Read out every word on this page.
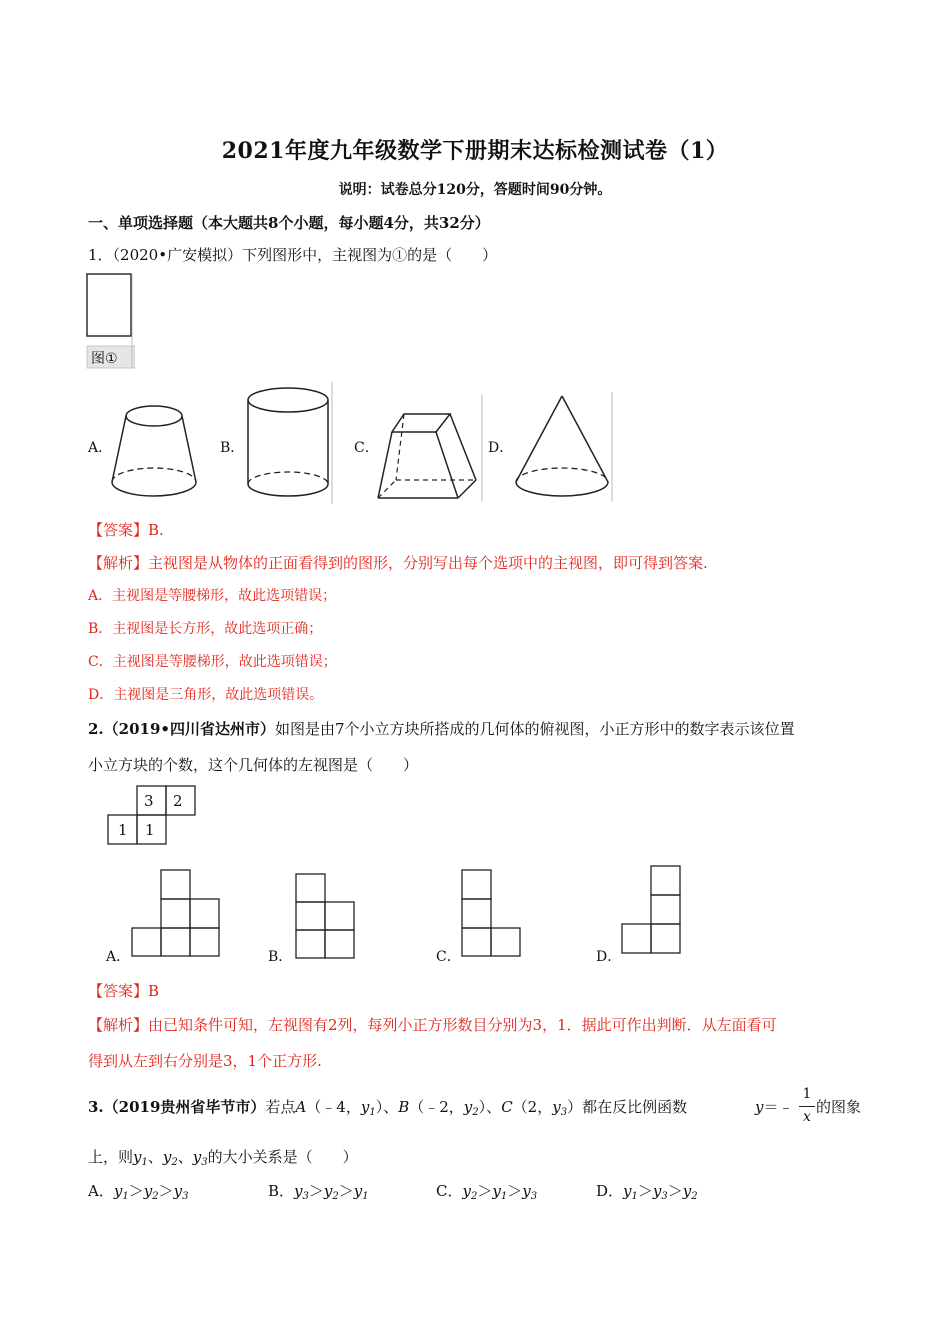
2021年度九年级数学下册期末达标检测试卷（1）
说明：试卷总分120分，答题时间90分钟。
一、单项选择题（本大题共8个小题，每小题4分，共32分）
1．（2020•广安模拟）下列图形中，主视图为①的是（　　）
图①
A．	B．	C．	D．
【答案】B.
【解析】主视图是从物体的正面看得到的图形，分别写出每个选项中的主视图，即可得到答案.
A．主视图是等腰梯形，故此选项错误；
B．主视图是长方形，故此选项正确；
C．主视图是等腰梯形，故此选项错误；
D．主视图是三角形，故此选项错误。
2.（2019•四川省达州市）如图是由7个小立方块所搭成的几何体的俯视图，小正方形中的数字表示该位置
小立方块的个数，这个几何体的左视图是（　　）
3 2
1 1
A．	B．	C．	D．
【答案】B
【解析】由已知条件可知，左视图有2列，每列小正方形数目分别为3，1．据此可作出判断．从左面看可
得到从左到右分别是3，1个正方形.
3.（2019贵州省毕节市）若点A（﹣4，$y_1$）、B（﹣2，$y_2$）、C（2，$y_3$）都在反比例函数	y＝﹣
1
x
的图象
上，则$y_1$、$y_2$、$y_3$的大小关系是（　　）
A．$y_1>y_2>y_3$	B．$y_3>y_2>y_1$	C．$y_2>y_1>y_3$	D．$y_1>y_3>y_2$
